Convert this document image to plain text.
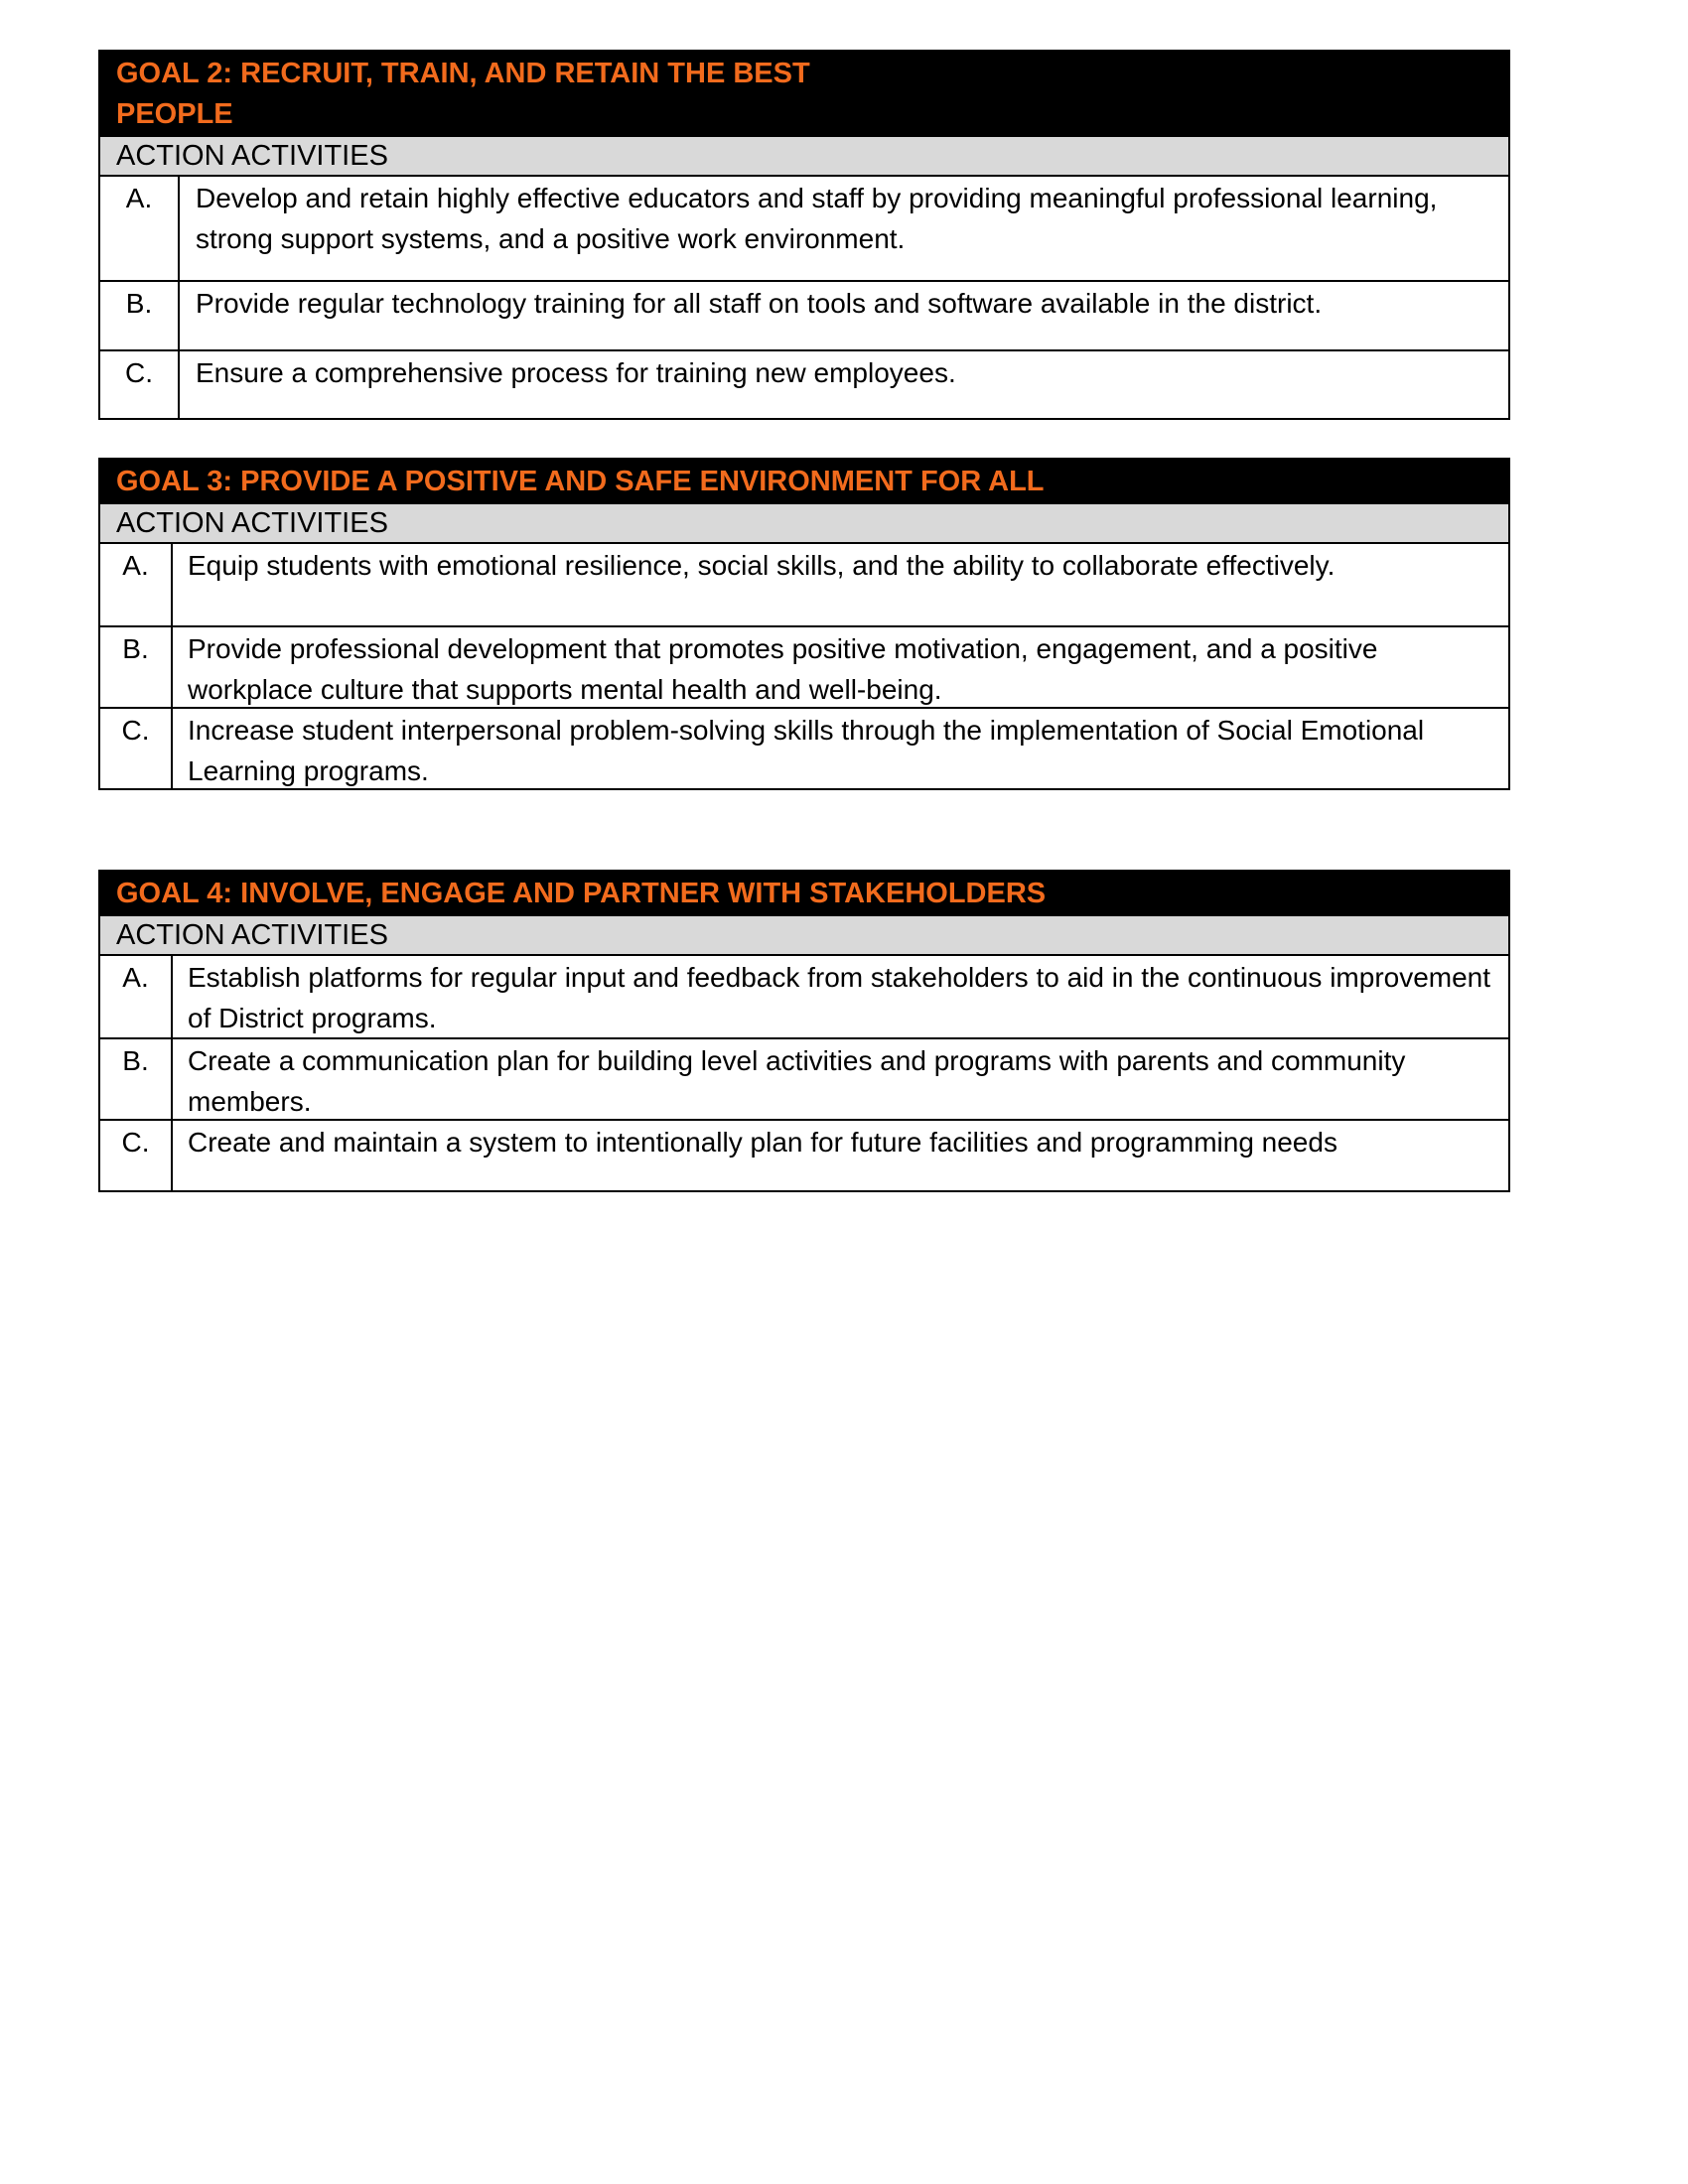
GOAL 2: RECRUIT, TRAIN, AND RETAIN THE BEST PEOPLE
ACTION ACTIVITIES
A.	Develop and retain highly effective educators and staff by providing meaningful professional learning, strong support systems, and a positive work environment.
B.	Provide regular technology training for all staff on tools and software available in the district.
C.	Ensure a comprehensive process for training new employees.
GOAL 3: PROVIDE A POSITIVE AND SAFE ENVIRONMENT FOR ALL
ACTION ACTIVITIES
A.	Equip students with emotional resilience, social skills, and the ability to collaborate effectively.
B.	Provide professional development that promotes positive motivation, engagement, and a positive workplace culture that supports mental health and well-being.
C.	Increase student interpersonal problem-solving skills through the implementation of Social Emotional Learning programs.
GOAL 4: INVOLVE, ENGAGE AND PARTNER WITH STAKEHOLDERS
ACTION ACTIVITIES
A.	Establish platforms for regular input and feedback from stakeholders to aid in the continuous improvement of District programs.
B.	Create a communication plan for building level activities and programs with parents and community members.
C.	Create and maintain a system to intentionally plan for future facilities and programming needs
